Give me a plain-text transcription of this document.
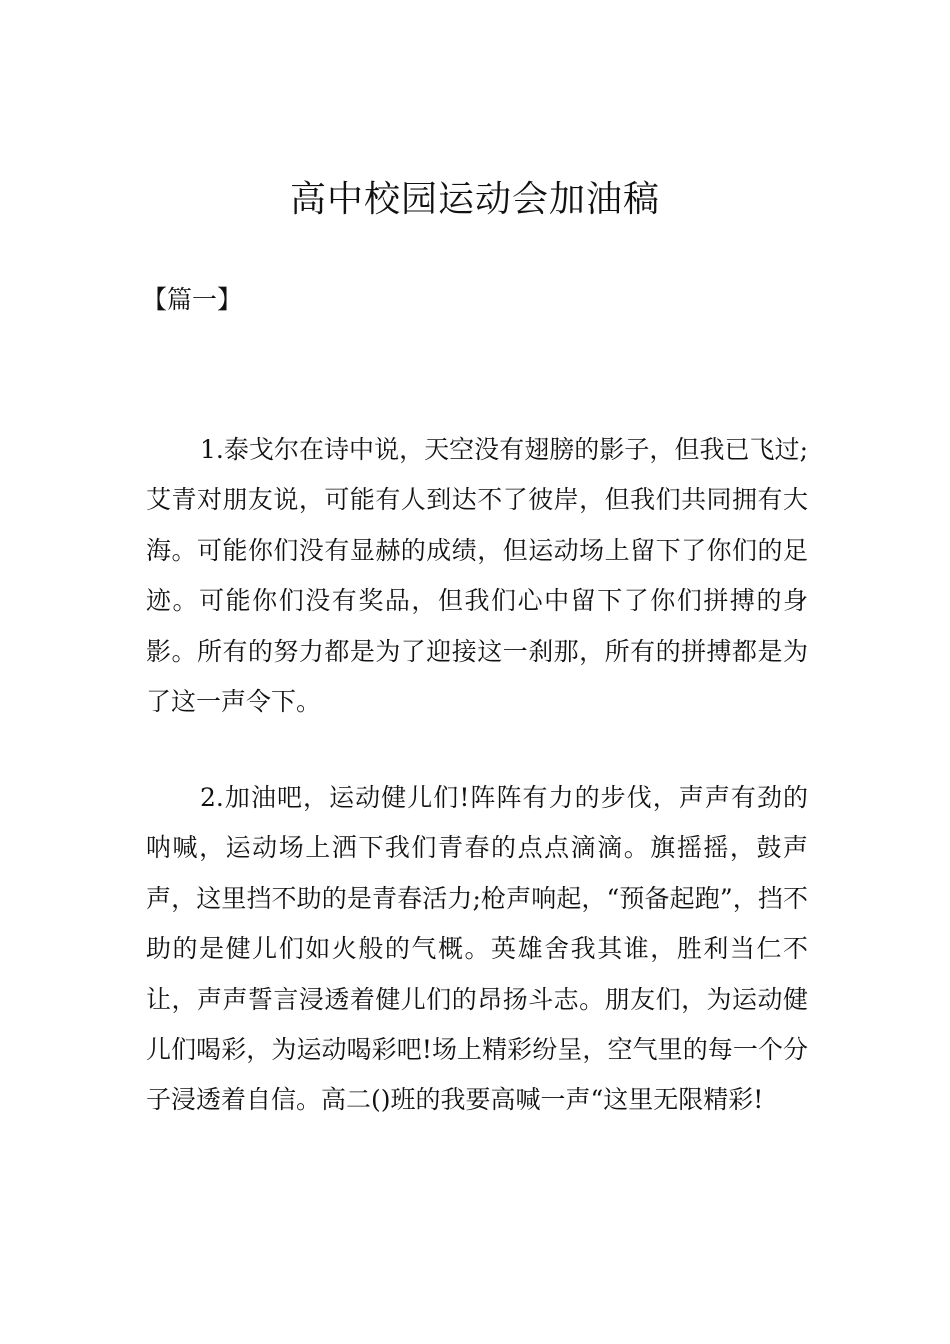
高中校园运动会加油稿

【篇一】

1.泰戈尔在诗中说，天空没有翅膀的影子，但我已飞过;艾青对朋友说，可能有人到达不了彼岸，但我们共同拥有大海。可能你们没有显赫的成绩，但运动场上留下了你们的足迹。可能你们没有奖品，但我们心中留下了你们拼搏的身影。所有的努力都是为了迎接这一刹那，所有的拼搏都是为了这一声令下。

2.加油吧，运动健儿们!阵阵有力的步伐，声声有劲的呐喊，运动场上洒下我们青春的点点滴滴。旗摇摇，鼓声声，这里挡不助的是青春活力;枪声响起，“预备起跑”，挡不助的是健儿们如火般的气概。英雄舍我其谁，胜利当仁不让，声声誓言浸透着健儿们的昂扬斗志。朋友们，为运动健儿们喝彩，为运动喝彩吧!场上精彩纷呈，空气里的每一个分子浸透着自信。高二()班的我要高喊一声“这里无限精彩!
